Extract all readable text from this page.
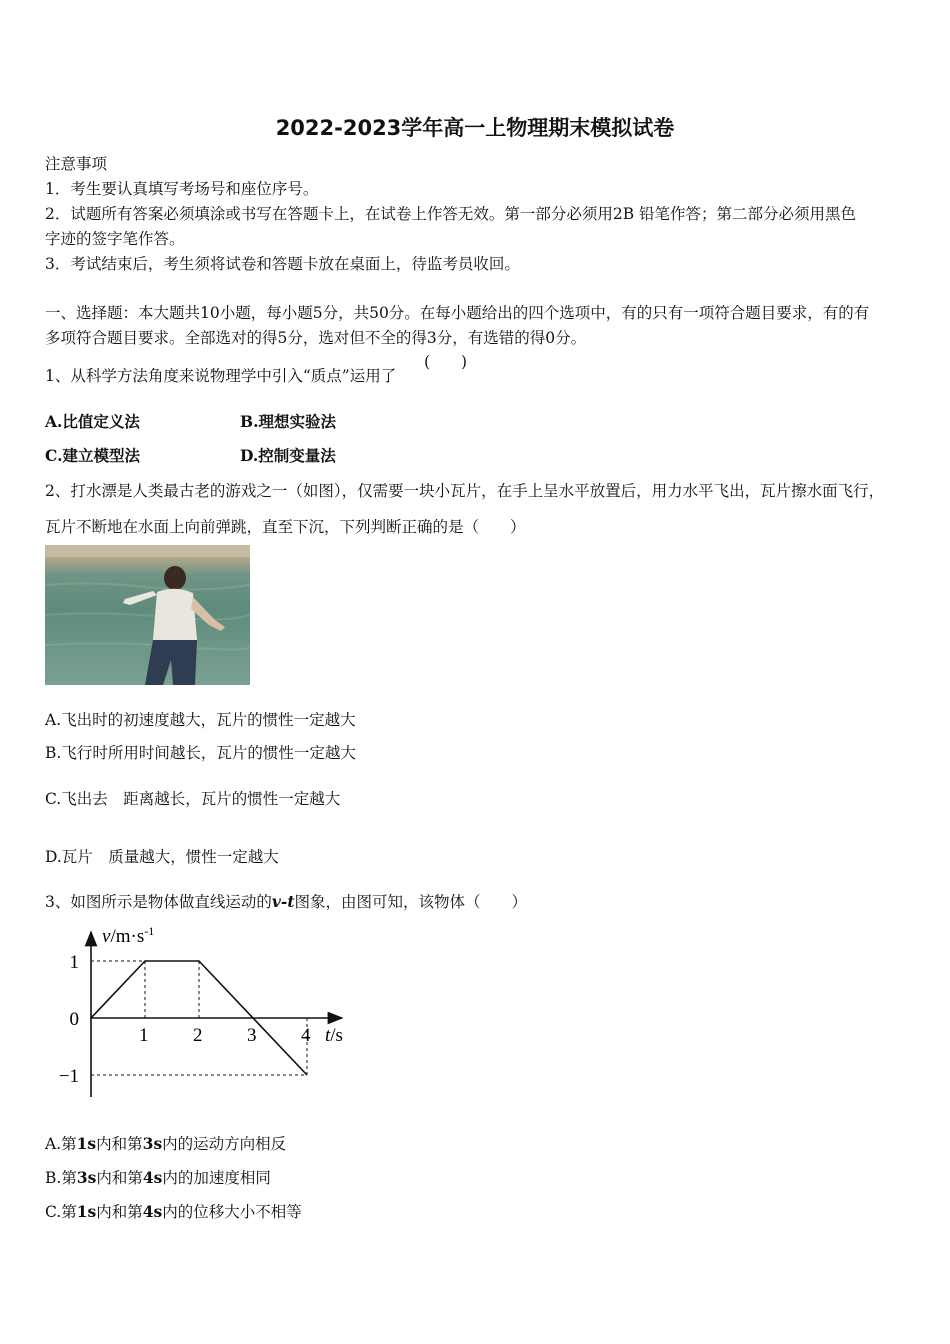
2022-2023学年高一上物理期末模拟试卷
注意事项
1．考生要认真填写考场号和座位序号。
2．试题所有答案必须填涂或书写在答题卡上，在试卷上作答无效。第一部分必须用2B 铅笔作答；第二部分必须用黑色
字迹的签字笔作答。
3．考试结束后，考生须将试卷和答题卡放在桌面上，待监考员收回。
一、选择题：本大题共10小题，每小题5分，共50分。在每小题给出的四个选项中，有的只有一项符合题目要求，有的有
多项符合题目要求。全部选对的得5分，选对但不全的得3分，有选错的得0分。
1、从科学方法角度来说物理学中引入“质点”运用了
(　　)
A.比值定义法	B.理想实验法
C.建立模型法	D.控制变量法
2、打水漂是人类最古老的游戏之一（如图），仅需要一块小瓦片，在手上呈水平放置后，用力水平飞出，瓦片擦水面飞行，
瓦片不断地在水面上向前弹跳，直至下沉，下列判断正确的是（　　）
A.飞出时的初速度越大，瓦片的惯性一定越大
B.飞行时所用时间越长，瓦片的惯性一定越大
C.飞出去　距离越长，瓦片的惯性一定越大
D.瓦片　质量越大，惯性一定越大
3、如图所示是物体做直线运动的v-t图象，由图可知，该物体（　　）
1 2 3 4
1
0
−1
$v/m\cdot s^{-1}$
t/s
A.第1s内和第3s内的运动方向相反
B.第3s内和第4s内的加速度相同
C.第1s内和第4s内的位移大小不相等
